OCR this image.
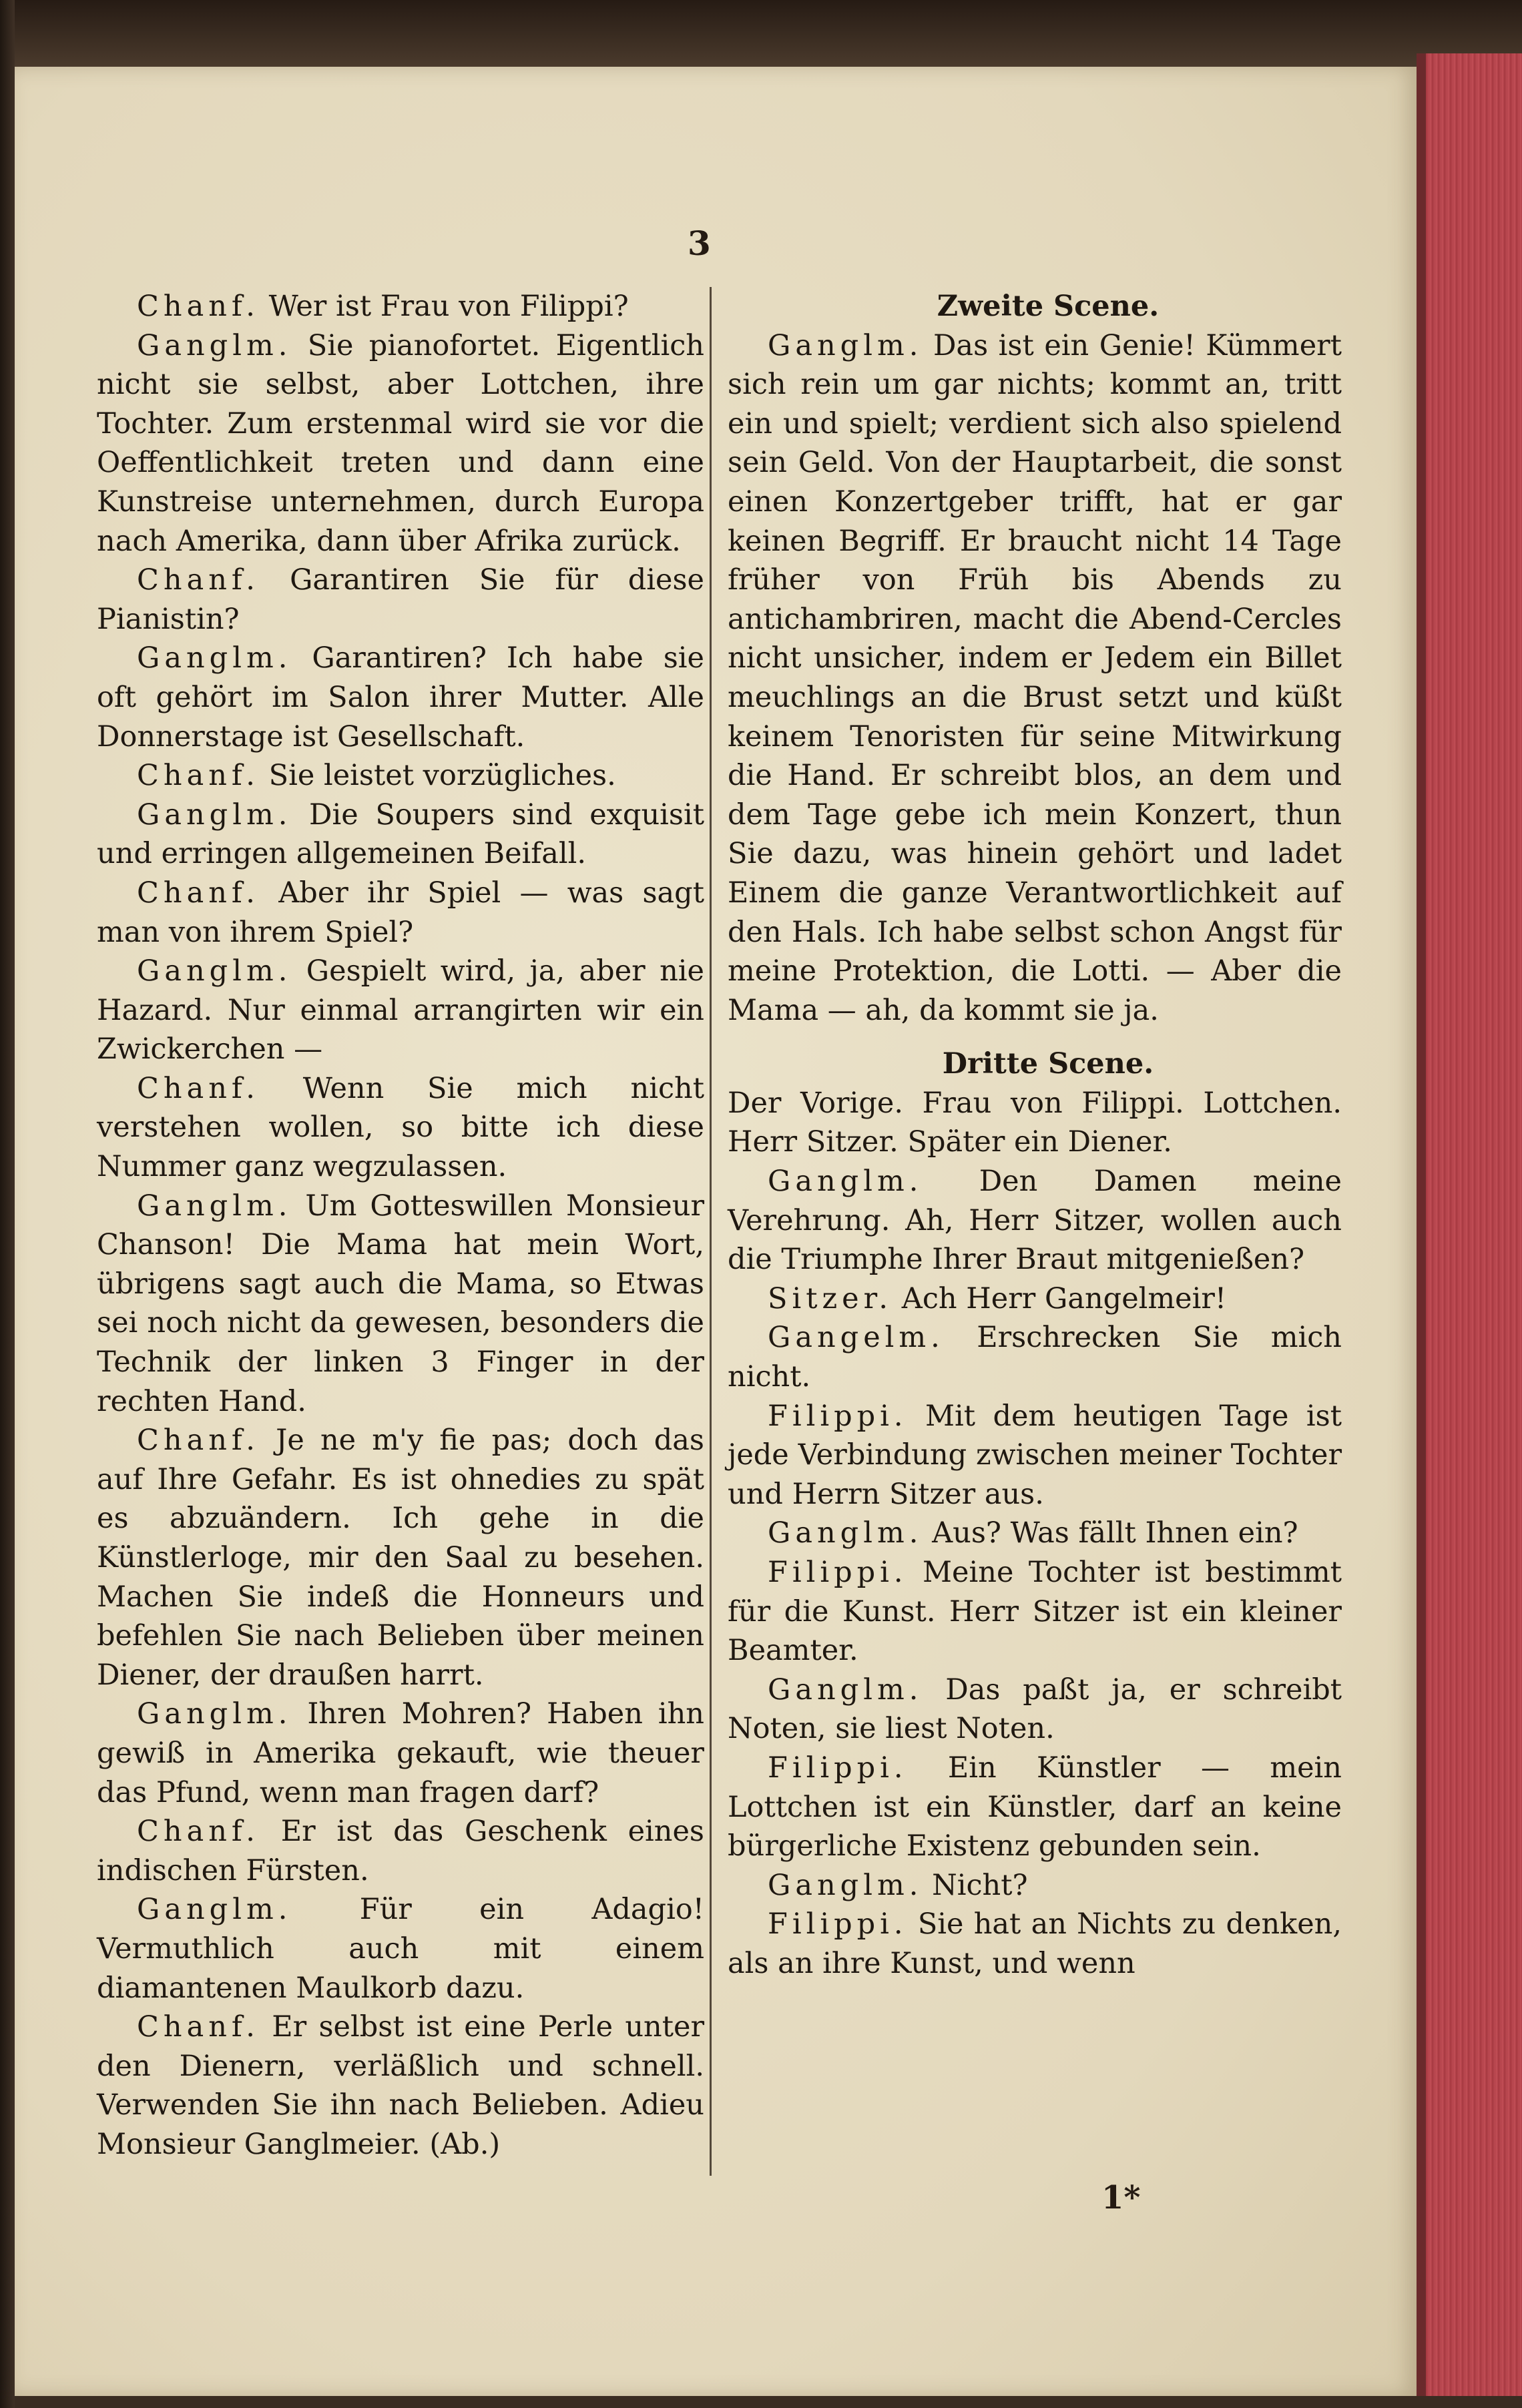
3

Chanf. Wer ist Frau von Filippi?

Ganglm. Sie pianofortet. Eigentlich nicht sie selbst, aber Lottchen, ihre Tochter. Zum erstenmal wird sie vor die Oeffentlichkeit treten und dann eine Kunstreise unternehmen, durch Europa nach Amerika, dann über Afrika zurück.

Chanf. Garantiren Sie für diese Pianistin?

Ganglm. Garantiren? Ich habe sie oft gehört im Salon ihrer Mutter. Alle Donnerstage ist Gesellschaft.

Chanf. Sie leistet vorzügliches.

Ganglm. Die Soupers sind exquisit und erringen allgemeinen Beifall.

Chanf. Aber ihr Spiel — was sagt man von ihrem Spiel?

Ganglm. Gespielt wird, ja, aber nie Hazard. Nur einmal arrangirten wir ein Zwickerchen —

Chanf. Wenn Sie mich nicht verstehen wollen, so bitte ich diese Nummer ganz wegzulassen.

Ganglm. Um Gotteswillen Monsieur Chanson! Die Mama hat mein Wort, übrigens sagt auch die Mama, so Etwas sei noch nicht da gewesen, besonders die Technik der linken 3 Finger in der rechten Hand.

Chanf. Je ne m'y fie pas; doch das auf Ihre Gefahr. Es ist ohnedies zu spät es abzuändern. Ich gehe in die Künstlerloge, mir den Saal zu besehen. Machen Sie indeß die Honneurs und befehlen Sie nach Belieben über meinen Diener, der draußen harrt.

Ganglm. Ihren Mohren? Haben ihn gewiß in Amerika gekauft, wie theuer das Pfund, wenn man fragen darf?

Chanf. Er ist das Geschenk eines indischen Fürsten.

Ganglm. Für ein Adagio! Vermuthlich auch mit einem diamantenen Maulkorb dazu.

Chanf. Er selbst ist eine Perle unter den Dienern, verläßlich und schnell. Verwenden Sie ihn nach Belieben. Adieu Monsieur Ganglmeier. (Ab.)

Zweite Scene.

Ganglm. Das ist ein Genie! Kümmert sich rein um gar nichts; kommt an, tritt ein und spielt; verdient sich also spielend sein Geld. Von der Hauptarbeit, die sonst einen Konzertgeber trifft, hat er gar keinen Begriff. Er braucht nicht 14 Tage früher von Früh bis Abends zu antichambriren, macht die Abend-Cercles nicht unsicher, indem er Jedem ein Billet meuchlings an die Brust setzt und küßt keinem Tenoristen für seine Mitwirkung die Hand. Er schreibt blos, an dem und dem Tage gebe ich mein Konzert, thun Sie dazu, was hinein gehört und ladet Einem die ganze Verantwortlichkeit auf den Hals. Ich habe selbst schon Angst für meine Protektion, die Lotti. — Aber die Mama — ah, da kommt sie ja.

Dritte Scene.

Der Vorige. Frau von Filippi. Lottchen. Herr Sitzer. Später ein Diener.

Ganglm. Den Damen meine Verehrung. Ah, Herr Sitzer, wollen auch die Triumphe Ihrer Braut mitgenießen?

Sitzer. Ach Herr Gangelmeir!

Gangelm. Erschrecken Sie mich nicht.

Filippi. Mit dem heutigen Tage ist jede Verbindung zwischen meiner Tochter und Herrn Sitzer aus.

Ganglm. Aus? Was fällt Ihnen ein?

Filippi. Meine Tochter ist bestimmt für die Kunst. Herr Sitzer ist ein kleiner Beamter.

Ganglm. Das paßt ja, er schreibt Noten, sie liest Noten.

Filippi. Ein Künstler — mein Lottchen ist ein Künstler, darf an keine bürgerliche Existenz gebunden sein.

Ganglm. Nicht?

Filippi. Sie hat an Nichts zu denken, als an ihre Kunst, und wenn

1*
